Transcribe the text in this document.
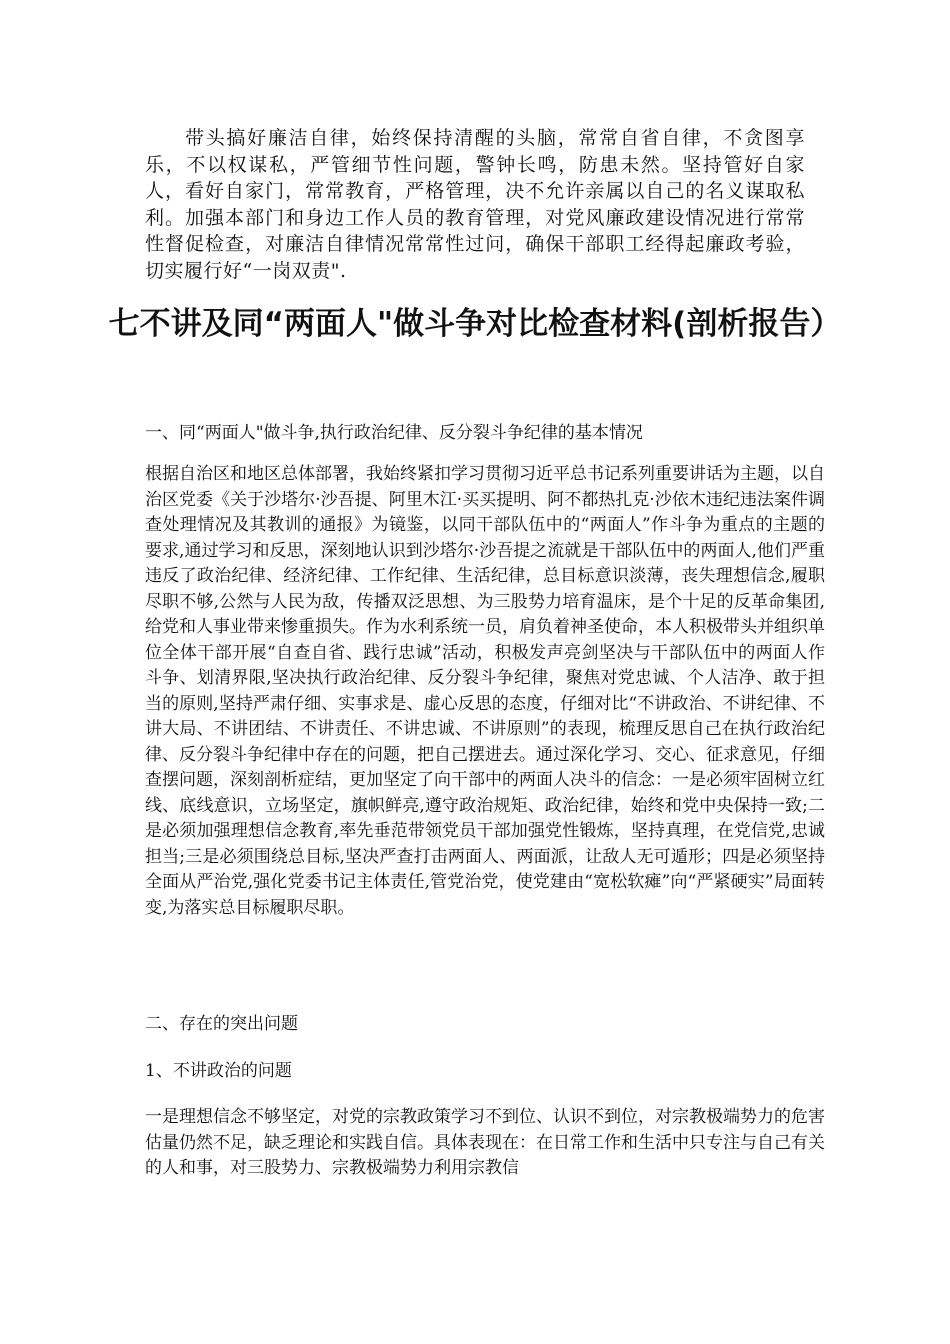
带头搞好廉洁自律，始终保持清醒的头脑，常常自省自律，不贪图享乐，不以权谋私，严管细节性问题，警钟长鸣，防患未然。坚持管好自家人，看好自家门，常常教育，严格管理，决不允许亲属以自己的名义谋取私利。加强本部门和身边工作人员的教育管理，对党风廉政建设情况进行常常性督促检查，对廉洁自律情况常常性过问，确保干部职工经得起廉政考验，切实履行好“一岗双责".

七不讲及同“两面人"做斗争对比检查材料(剖析报告）

一、同“两面人"做斗争,执行政治纪律、反分裂斗争纪律的基本情况

根据自治区和地区总体部署，我始终紧扣学习贯彻习近平总书记系列重要讲话为主题，以自治区党委《关于沙塔尔·沙吾提、阿里木江·买买提明、阿不都热扎克·沙依木违纪违法案件调查处理情况及其教训的通报》为镜鉴，以同干部队伍中的“两面人”作斗争为重点的主题的要求,通过学习和反思，深刻地认识到沙塔尔·沙吾提之流就是干部队伍中的两面人,他们严重违反了政治纪律、经济纪律、工作纪律、生活纪律，总目标意识淡薄，丧失理想信念,履职尽职不够,公然与人民为敌，传播双泛思想、为三股势力培育温床，是个十足的反革命集团,给党和人事业带来惨重损失。作为水利系统一员，肩负着神圣使命，本人积极带头并组织单位全体干部开展“自查自省、践行忠诚”活动，积极发声亮剑坚决与干部队伍中的两面人作斗争、划清界限,坚决执行政治纪律、反分裂斗争纪律，聚焦对党忠诚、个人洁净、敢于担当的原则,坚持严肃仔细、实事求是、虚心反思的态度，仔细对比“不讲政治、不讲纪律、不讲大局、不讲团结、不讲责任、不讲忠诚、不讲原则”的表现，梳理反思自己在执行政治纪律、反分裂斗争纪律中存在的问题，把自己摆进去。通过深化学习、交心、征求意见，仔细查摆问题，深刻剖析症结，更加坚定了向干部中的两面人决斗的信念：一是必须牢固树立红线、底线意识，立场坚定，旗帜鲜亮,遵守政治规矩、政治纪律，始终和党中央保持一致;二是必须加强理想信念教育,率先垂范带领党员干部加强党性锻炼，坚持真理，在党信党,忠诚担当;三是必须围绕总目标,坚决严查打击两面人、两面派，让敌人无可遁形；四是必须坚持全面从严治党,强化党委书记主体责任,管党治党，使党建由“宽松软瘫”向“严紧硬实”局面转变,为落实总目标履职尽职。

二、存在的突出问题

1、不讲政治的问题

一是理想信念不够坚定，对党的宗教政策学习不到位、认识不到位，对宗教极端势力的危害估量仍然不足，缺乏理论和实践自信。具体表现在：在日常工作和生活中只专注与自己有关的人和事，对三股势力、宗教极端势力利用宗教信
